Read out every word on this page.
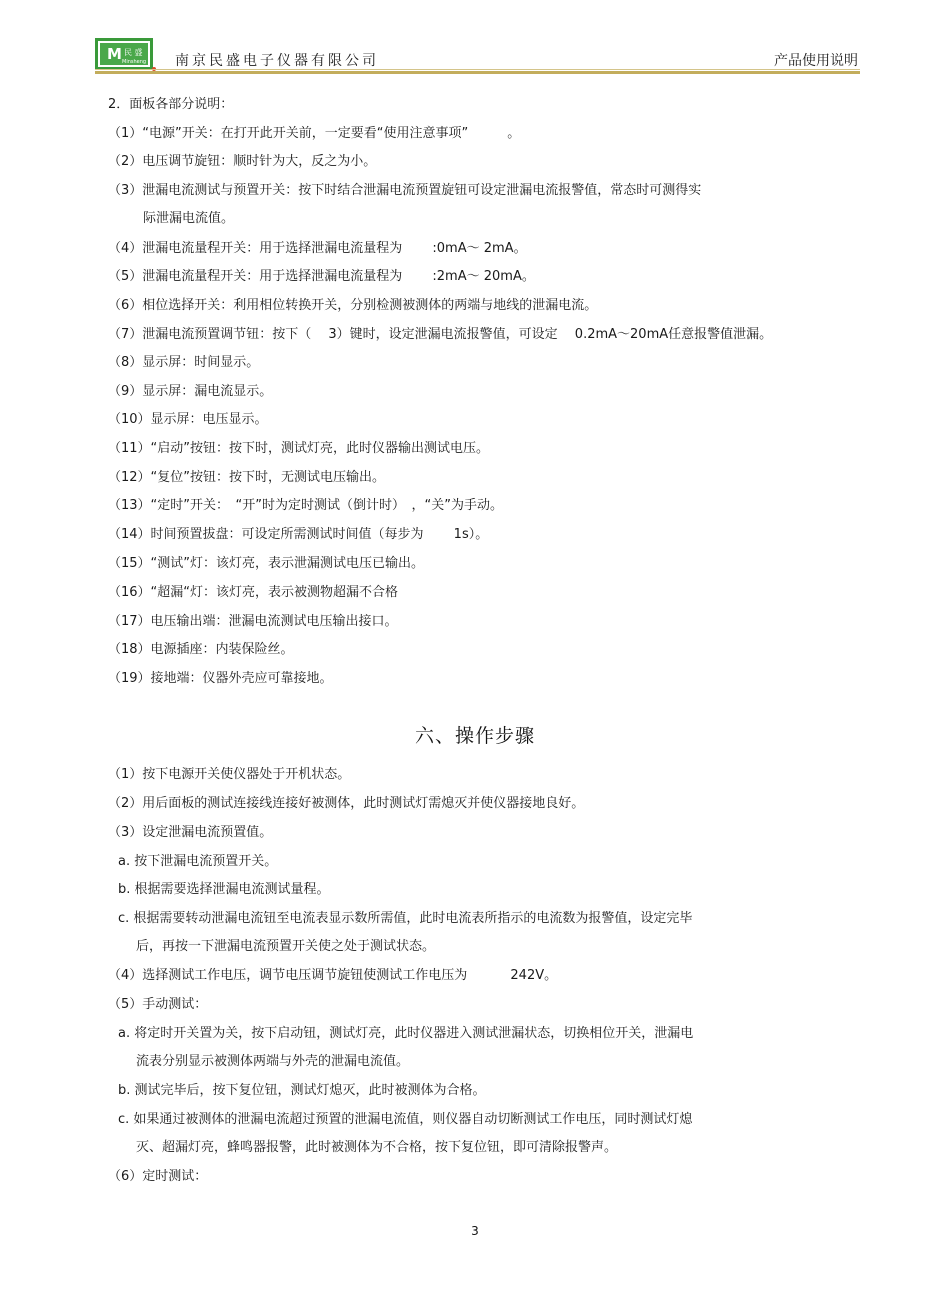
M 民 盛
Minsheng 南京民盛电子仪器有限公司	产品使用说明
2．面板各部分说明：
（1）“电源”开关：在打开此开关前，一定要看“使用注意事项”　　　。
（2）电压调节旋钮：顺时针为大，反之为小。
（3）泄漏电流测试与预置开关：按下时结合泄漏电流预置旋钮可设定泄漏电流报警值，常态时可测得实
际泄漏电流值。
（4）泄漏电流量程开关：用于选择泄漏电流量程为　　 :0mA～ 2mA。
（5）泄漏电流量程开关：用于选择泄漏电流量程为　　 :2mA～ 20mA。
（6）相位选择开关：利用相位转换开关，分别检测被测体的两端与地线的泄漏电流。
（7）泄漏电流预置调节钮：按下（　 3）键时，设定泄漏电流报警值，可设定　 0.2mA～20mA任意报警值泄漏。
（8）显示屏：时间显示。
（9）显示屏：漏电流显示。
（10）显示屏：电压显示。
（11）“启动”按钮：按下时，测试灯亮，此时仪器输出测试电压。
（12）“复位”按钮：按下时，无测试电压输出。
（13）“定时”开关：　“开”时为定时测试（倒计时）　，“关”为手动。
（14）时间预置拔盘：可设定所需测试时间值（每步为　　 1s）。
（15）“测试”灯：该灯亮，表示泄漏测试电压已输出。
（16）“超漏“灯：该灯亮，表示被测物超漏不合格
（17）电压输出端：泄漏电流测试电压输出接口。
（18）电源插座：内装保险丝。
（19）接地端：仪器外壳应可靠接地。
六、操作步骤
（1）按下电源开关使仪器处于开机状态。
（2）用后面板的测试连接线连接好被测体，此时测试灯需熄灭并使仪器接地良好。
（3）设定泄漏电流预置值。
a. 按下泄漏电流预置开关。
b. 根据需要选择泄漏电流测试量程。
c. 根据需要转动泄漏电流钮至电流表显示数所需值，此时电流表所指示的电流数为报警值，设定完毕
后，再按一下泄漏电流预置开关使之处于测试状态。
（4）选择测试工作电压，调节电压调节旋钮使测试工作电压为　　　 242V。
（5）手动测试：
a. 将定时开关置为关，按下启动钮，测试灯亮，此时仪器进入测试泄漏状态，切换相位开关，泄漏电
流表分别显示被测体两端与外壳的泄漏电流值。
b. 测试完毕后，按下复位钮，测试灯熄灭，此时被测体为合格。
c. 如果通过被测体的泄漏电流超过预置的泄漏电流值，则仪器自动切断测试工作电压，同时测试灯熄
灭、超漏灯亮，蜂鸣器报警，此时被测体为不合格，按下复位钮，即可清除报警声。
（6）定时测试：
3
